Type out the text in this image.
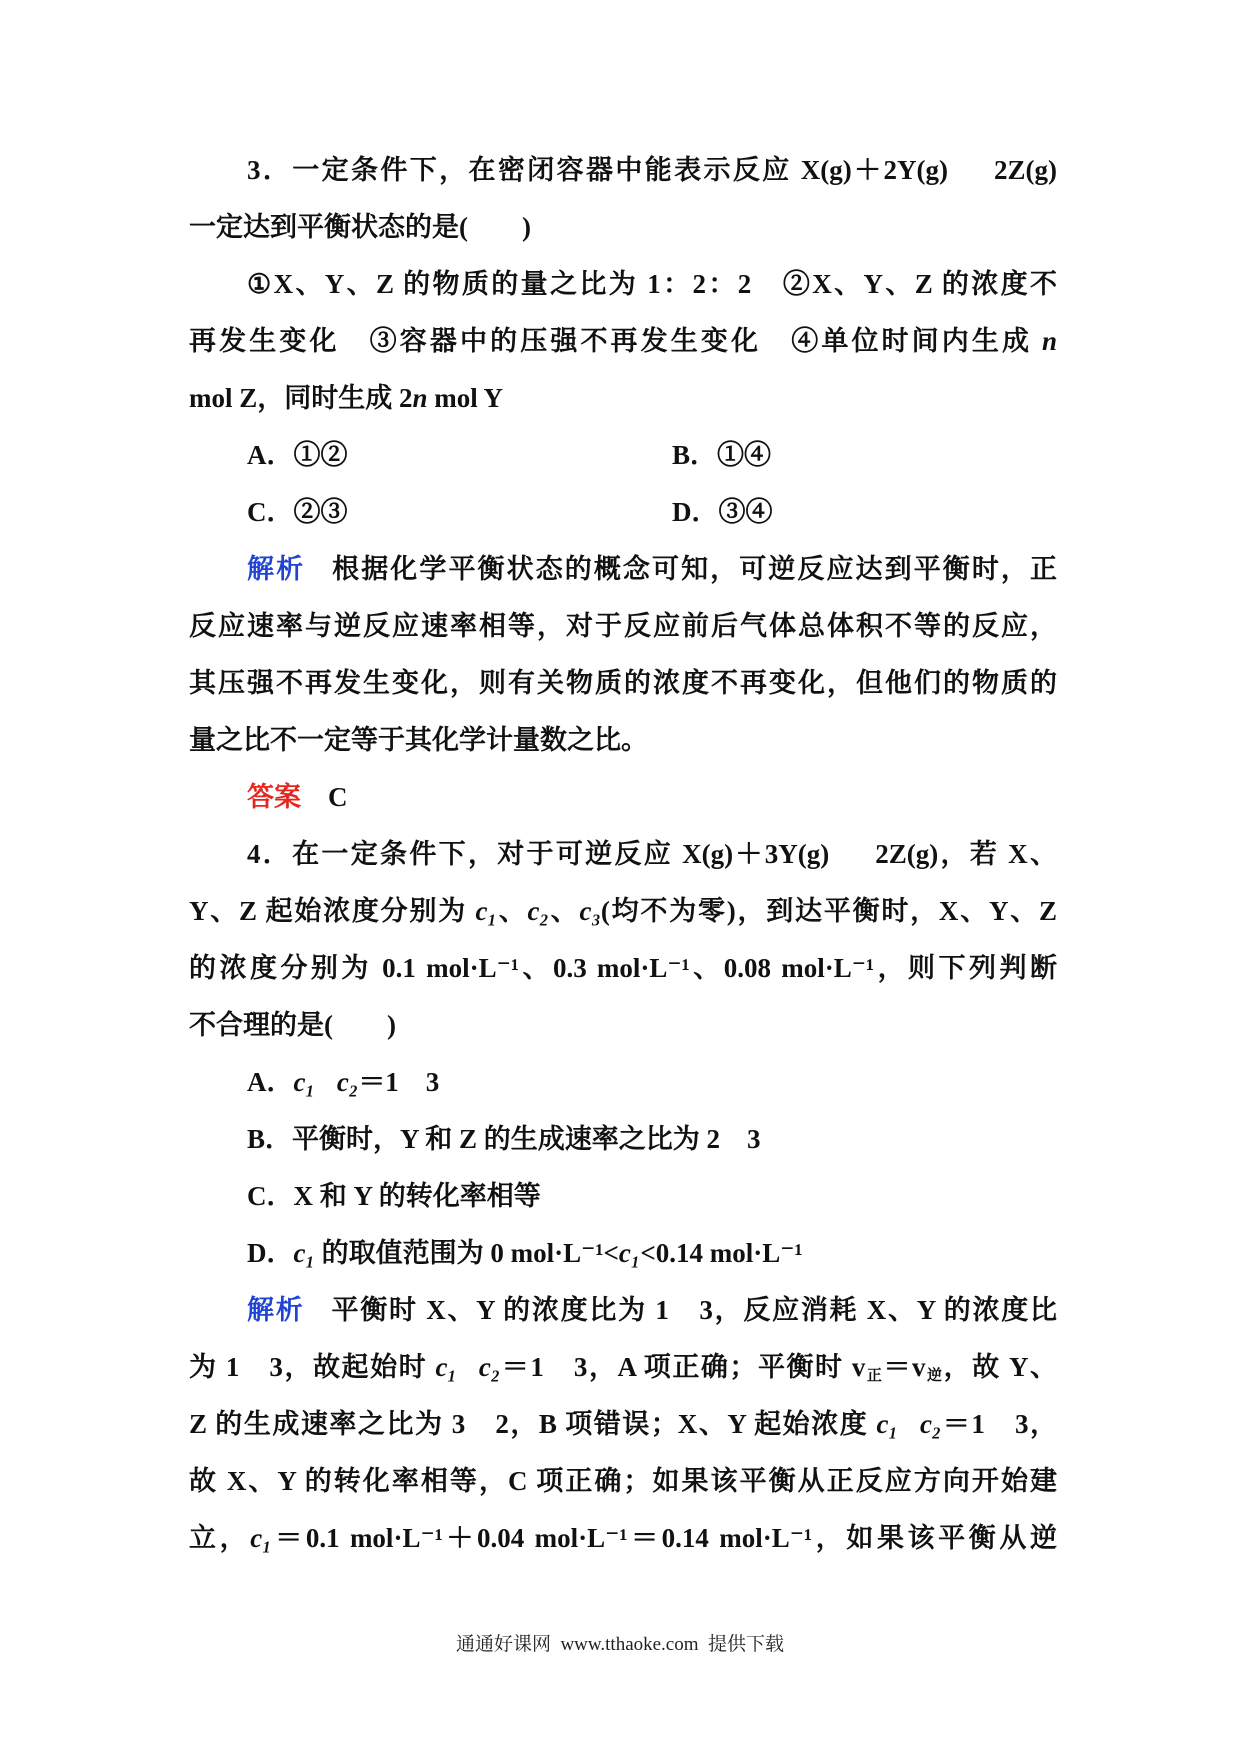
3．一定条件下，在密闭容器中能表示反应 X(g)＋2Y(g) 2Z(g)
一定达到平衡状态的是(　　)
①X、Y、Z 的物质的量之比为 1：2：2　②X、Y、Z 的浓度不
再发生变化　③容器中的压强不再发生变化　④单位时间内生成 n
mol Z，同时生成 2n mol Y
A．①②	B．①④
C．②③	D．③④
解析 根据化学平衡状态的概念可知，可逆反应达到平衡时，正
反应速率与逆反应速率相等，对于反应前后气体总体积不等的反应，
其压强不再发生变化，则有关物质的浓度不再变化，但他们的物质的
量之比不一定等于其化学计量数之比。
答案 C
4．在一定条件下，对于可逆反应 X(g)＋3Y(g) 2Z(g)，若 X、
Y、Z 起始浓度分别为 c₁、c₂、c₃(均不为零)，到达平衡时，X、Y、Z
的浓度分别为 0.1 mol·L⁻¹、0.3 mol·L⁻¹、0.08 mol·L⁻¹，则下列判断
不合理的是(　　)
A．c₁ c₂＝1　3
B．平衡时，Y 和 Z 的生成速率之比为 2　3
C．X 和 Y 的转化率相等
D．c₁ 的取值范围为 0 mol·L⁻¹<c₁<0.14 mol·L⁻¹
解析 平衡时 X、Y 的浓度比为 1　3，反应消耗 X、Y 的浓度比
为 1　3，故起始时 c₁ c₂＝1　3，A 项正确；平衡时 $v_正=v_逆$，故 Y、
Z 的生成速率之比为 3　2，B 项错误；X、Y 起始浓度 c₁ c₂＝1　3，
故 X、Y 的转化率相等，C 项正确；如果该平衡从正反应方向开始建
立，c₁＝0.1 mol·L⁻¹＋0.04 mol·L⁻¹＝0.14 mol·L⁻¹，如果该平衡从逆
通通好课网  www.tthaoke.com  提供下载
